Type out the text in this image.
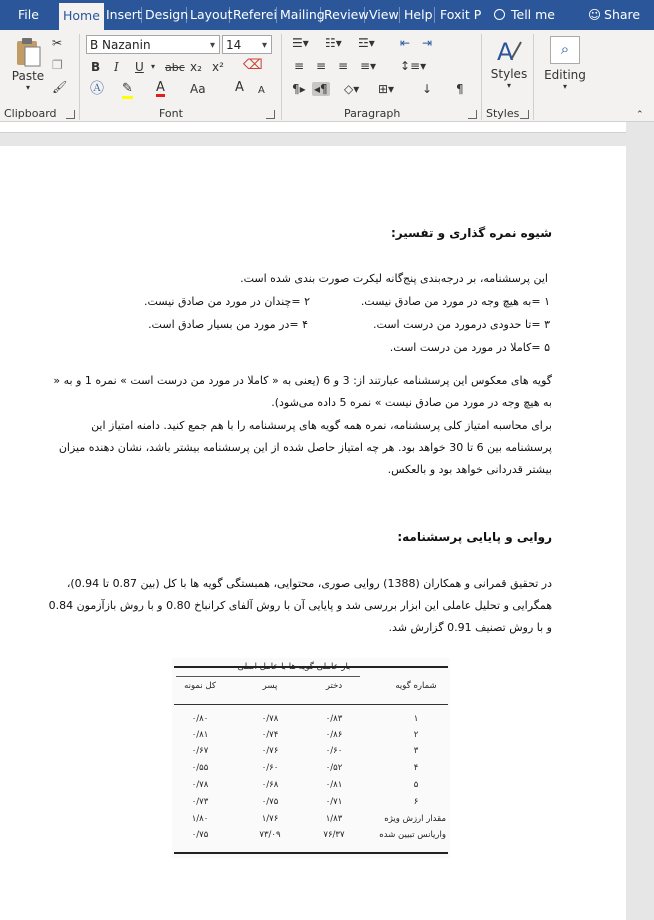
File	Home Insert Design Layout Referei Mailing Review View Help Foxit P	Tell me	☺ Share
Paste
▾
✂
❐
🖌
Clipboard
B Nazanin	▾ 14 ▾
B I U ▾ abc x₂ x² ⌫
Ⓐ ✎ A Aa A A
Font
☰▾ ☷▾ ☲▾ ⇤ ⇥
≡ ≡ ≡ ≡▾ ↕≡▾
¶▸ ◂¶ ◇▾ ⊞▾ ↓ ¶
Paragraph
A
Styles
▾
Styles
⌕
Editing
▾
⌃
شیوه نمره گذاری و تفسیر:
این پرسشنامه، بر درجه‌بندی پنج‌گانه لیکرت صورت بندی شده است.
۱ =به هیچ وجه در مورد من صادق نیست.
۲ =چندان در مورد من صادق نیست.
۳ =تا حدودی درمورد من درست است.
۴ =در مورد من بسیار صادق است.
۵ =کاملا در مورد من درست است.
گویه های معکوس این پرسشنامه عبارتند از: 3 و 6 (یعنی به « کاملا در مورد من درست است » نمره 1 و به « به هیچ وجه در مورد من صادق نیست » نمره 5 داده می‌شود).
برای محاسبه امتیاز کلی پرسشنامه، نمره همه گویه های پرسشنامه را با هم جمع کنید. دامنه امتیاز این پرسشنامه بین 6 تا 30 خواهد بود. هر چه امتیاز حاصل شده از این پرسشنامه بیشتر باشد، نشان دهنده میزان بیشتر قدردانی خواهد بود و بالعکس.
روایی و پایایی پرسشنامه:
در تحقیق قمرانی و همکاران (1388) روایی صوری، محتوایی، همبستگی گویه ها با کل (بین 0.87 تا 0.94)، همگرایی و تحلیل عاملی این ابزار بررسی شد و پایایی آن با روش آلفای کرانباخ 0.80 و با روش بازآزمون 0.84 و با روش تصنیف 0.91 گزارش شد.
بار عاملی گویه ها با عامل اصلی
شماره گویه
دختر
پسر
کل نمونه
۱
۰/۸۳
۰/۷۸
۰/۸۰
۲
۰/۸۶
۰/۷۴
۰/۸۱
۳
۰/۶۰
۰/۷۶
۰/۶۷
۴
۰/۵۲
۰/۶۰
۰/۵۵
۵
۰/۸۱
۰/۶۸
۰/۷۸
۶
۰/۷۱
۰/۷۵
۰/۷۳
مقدار ارزش ویژه
۱/۸۳
۱/۷۶
۱/۸۰
واریانس تبیین شده
۷۶/۳۷
۷۳/۰۹
۰/۷۵
